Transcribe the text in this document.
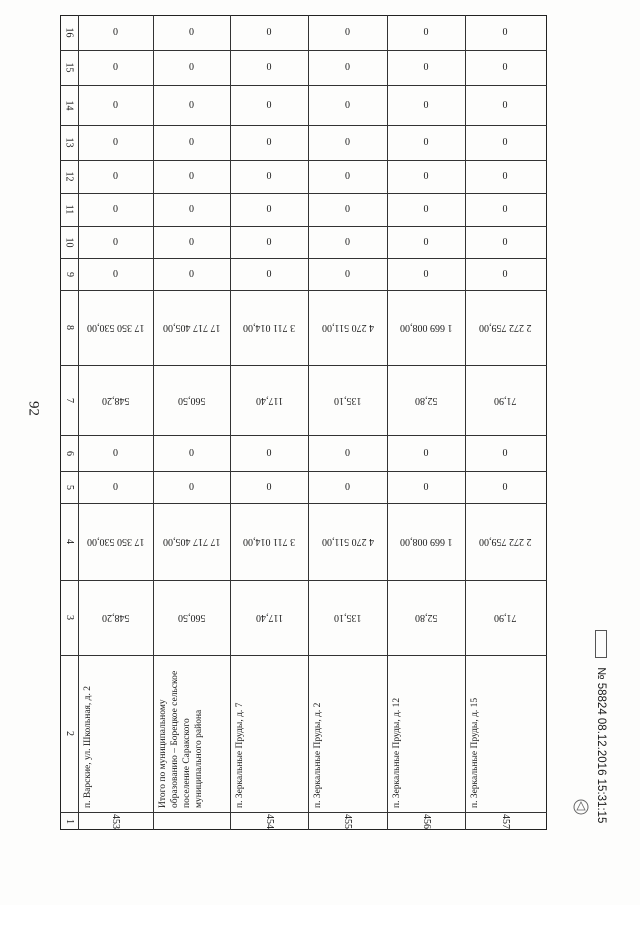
92
1
2
3
4
5
6
7
8
9
10
11
12
13
14
15
16
453
п. Варские, ул. Школьная, д. 2
548,20
17 350 530,00
0
0
548,20
17 350 530,00
0
0
0
0
0
0
0
0
Итого по муниципальному образованию – Борецкое сельское поселение Саракского муниципального района
560,50
17 717 405,00
0
0
560,50
17 717 405,00
0
0
0
0
0
0
0
0
454
п. Зеркальные Пруды, д. 7
117,40
3 711 014,00
0
0
117,40
3 711 014,00
0
0
0
0
0
0
0
0
455
п. Зеркальные Пруды, д. 2
135,10
4 270 511,00
0
0
135,10
4 270 511,00
0
0
0
0
0
0
0
0
456
п. Зеркальные Пруды, д. 12
52,80
1 669 008,00
0
0
52,80
1 669 008,00
0
0
0
0
0
0
0
0
457
п. Зеркальные Пруды, д. 15
71,90
2 272 759,00
0
0
71,90
2 272 759,00
0
0
0
0
0
0
0
0
№ 58824 08.12.2016 15:31:15
